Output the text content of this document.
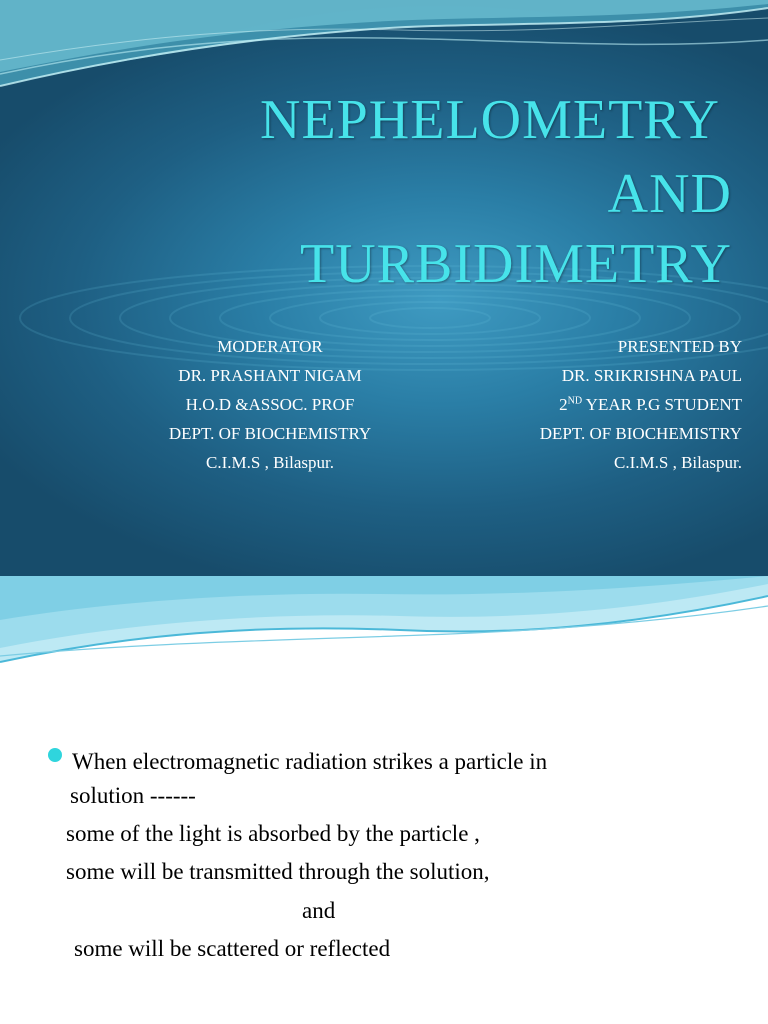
NEPHELOMETRY
AND
TURBIDIMETRY
MODERATOR
DR. PRASHANT NIGAM
H.O.D &ASSOC. PROF
DEPT. OF BIOCHEMISTRY
C.I.M.S , Bilaspur.
PRESENTED BY
DR. SRIKRISHNA PAUL
2ND YEAR P.G STUDENT
DEPT. OF BIOCHEMISTRY
C.I.M.S , Bilaspur.
When electromagnetic radiation strikes a particle in
solution ------
some of the light is absorbed by the particle ,
some will be transmitted through the solution,
and
some will be scattered or reflected
